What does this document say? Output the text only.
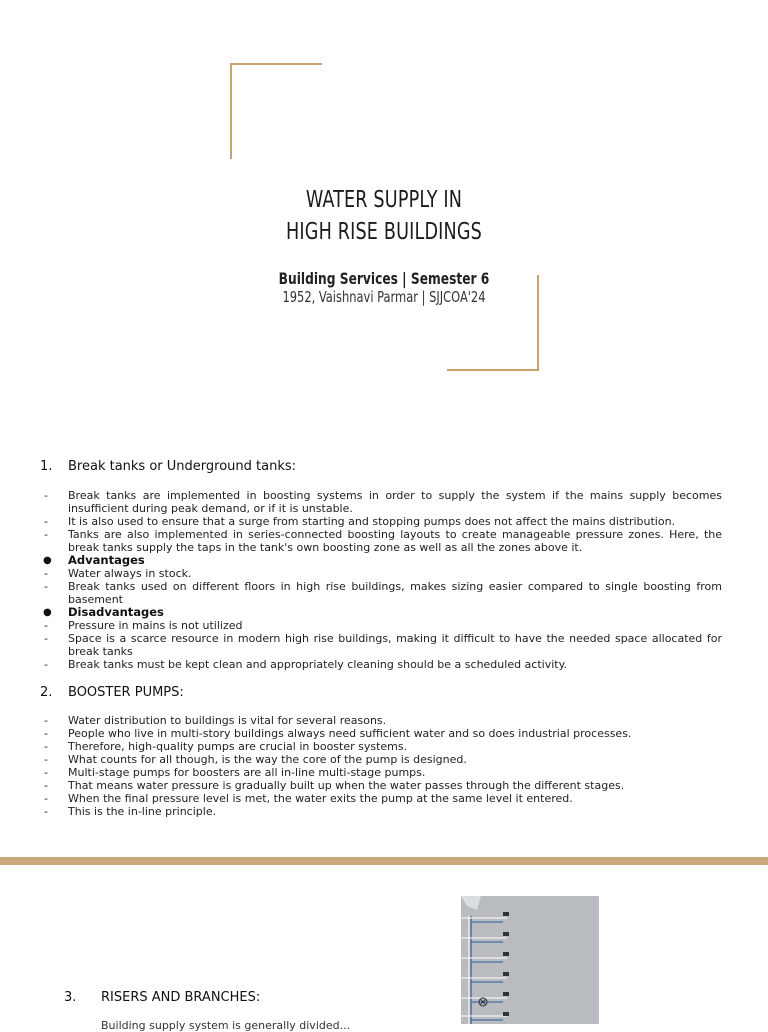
WATER SUPPLY IN
HIGH RISE BUILDINGS
Building Services | Semester 6
1952, Vaishnavi Parmar | SJJCOA'24
1.	Break tanks or Underground tanks:
- Break tanks are implemented in boosting systems in order to supply the system if the mains supply becomes insufficient during peak demand, or if it is unstable.
- It is also used to ensure that a surge from starting and stopping pumps does not affect the mains distribution.
- Tanks are also implemented in series-connected boosting layouts to create manageable pressure zones. Here, the break tanks supply the taps in the tank's own boosting zone as well as all the zones above it.
● Advantages
- Water always in stock.
- Break tanks used on different floors in high rise buildings, makes sizing easier compared to single boosting from basement
● Disadvantages
- Pressure in mains is not utilized
- Space is a scarce resource in modern high rise buildings, making it difficult to have the needed space allocated for break tanks
- Break tanks must be kept clean and appropriately cleaning should be a scheduled activity.
2.	BOOSTER PUMPS:
- Water distribution to buildings is vital for several reasons.
- People who live in multi-story buildings always need sufficient water and so does industrial processes.
- Therefore, high-quality pumps are crucial in booster systems.
- What counts for all though, is the way the core of the pump is designed.
- Multi-stage pumps for boosters are all in-line multi-stage pumps.
- That means water pressure is gradually built up when the water passes through the different stages.
- When the final pressure level is met, the water exits the pump at the same level it entered.
- This is the in-line principle.
3.	RISERS AND BRANCHES:
Building supply system is generally divided...
